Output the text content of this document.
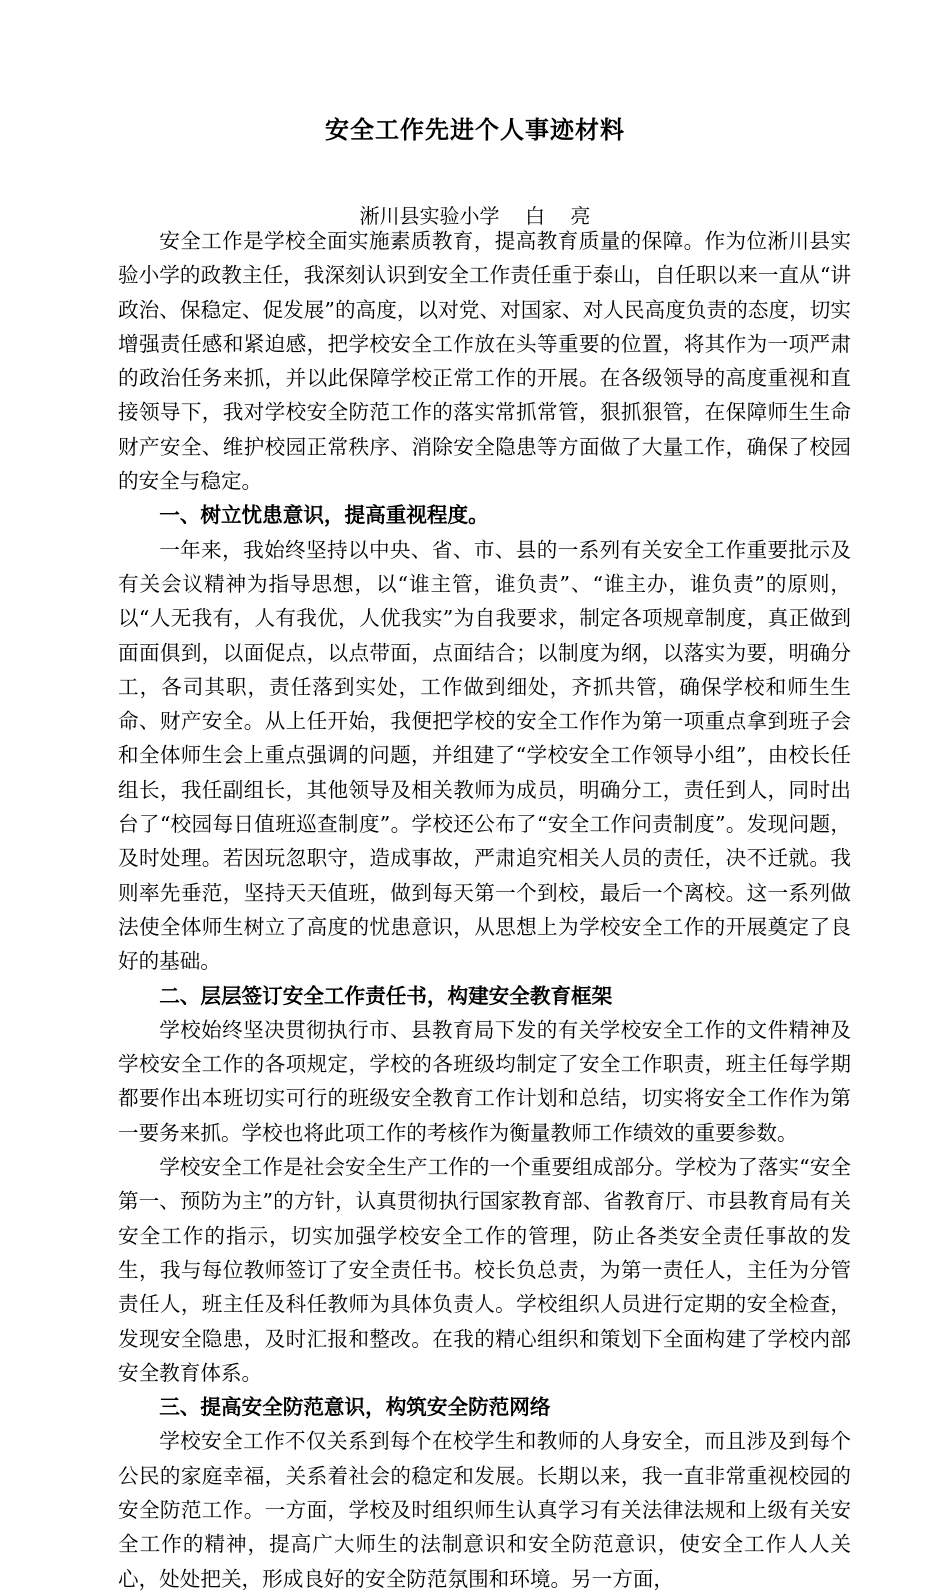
安全工作先进个人事迹材料
淅川县实验小学    白    亮

安全工作是学校全面实施素质教育，提高教育质量的保障。作为位淅川县实验小学的政教主任，我深刻认识到安全工作责任重于泰山，自任职以来一直从“讲政治、保稳定、促发展”的高度，以对党、对国家、对人民高度负责的态度，切实增强责任感和紧迫感，把学校安全工作放在头等重要的位置，将其作为一项严肃的政治任务来抓，并以此保障学校正常工作的开展。在各级领导的高度重视和直接领导下，我对学校安全防范工作的落实常抓常管，狠抓狠管，在保障师生生命财产安全、维护校园正常秩序、消除安全隐患等方面做了大量工作，确保了校园的安全与稳定。

一、树立忧患意识，提高重视程度。

一年来，我始终坚持以中央、省、市、县的一系列有关安全工作重要批示及有关会议精神为指导思想，以“谁主管，谁负责”、“谁主办，谁负责”的原则，以“人无我有，人有我优，人优我实”为自我要求，制定各项规章制度，真正做到面面俱到，以面促点，以点带面，点面结合；以制度为纲，以落实为要，明确分工，各司其职，责任落到实处，工作做到细处，齐抓共管，确保学校和师生生命、财产安全。从上任开始，我便把学校的安全工作作为第一项重点拿到班子会和全体师生会上重点强调的问题，并组建了“学校安全工作领导小组”，由校长任组长，我任副组长，其他领导及相关教师为成员，明确分工，责任到人，同时出台了“校园每日值班巡查制度”。学校还公布了“安全工作问责制度”。发现问题，及时处理。若因玩忽职守，造成事故，严肃追究相关人员的责任，决不迁就。我则率先垂范，坚持天天值班，做到每天第一个到校，最后一个离校。这一系列做法使全体师生树立了高度的忧患意识，从思想上为学校安全工作的开展奠定了良好的基础。

二、层层签订安全工作责任书，构建安全教育框架

学校始终坚决贯彻执行市、县教育局下发的有关学校安全工作的文件精神及学校安全工作的各项规定，学校的各班级均制定了安全工作职责，班主任每学期都要作出本班切实可行的班级安全教育工作计划和总结，切实将安全工作作为第一要务来抓。学校也将此项工作的考核作为衡量教师工作绩效的重要参数。

学校安全工作是社会安全生产工作的一个重要组成部分。学校为了落实“安全第一、预防为主”的方针，认真贯彻执行国家教育部、省教育厅、市县教育局有关安全工作的指示，切实加强学校安全工作的管理，防止各类安全责任事故的发生，我与每位教师签订了安全责任书。校长负总责，为第一责任人，主任为分管责任人，班主任及科任教师为具体负责人。学校组织人员进行定期的安全检查，发现安全隐患，及时汇报和整改。在我的精心组织和策划下全面构建了学校内部安全教育体系。

三、提高安全防范意识，构筑安全防范网络

学校安全工作不仅关系到每个在校学生和教师的人身安全，而且涉及到每个公民的家庭幸福，关系着社会的稳定和发展。长期以来，我一直非常重视校园的安全防范工作。一方面，学校及时组织师生认真学习有关法律法规和上级有关安全工作的精神，提高广大师生的法制意识和安全防范意识，使安全工作人人关心，处处把关，形成良好的安全防范氛围和环境。另一方面，
